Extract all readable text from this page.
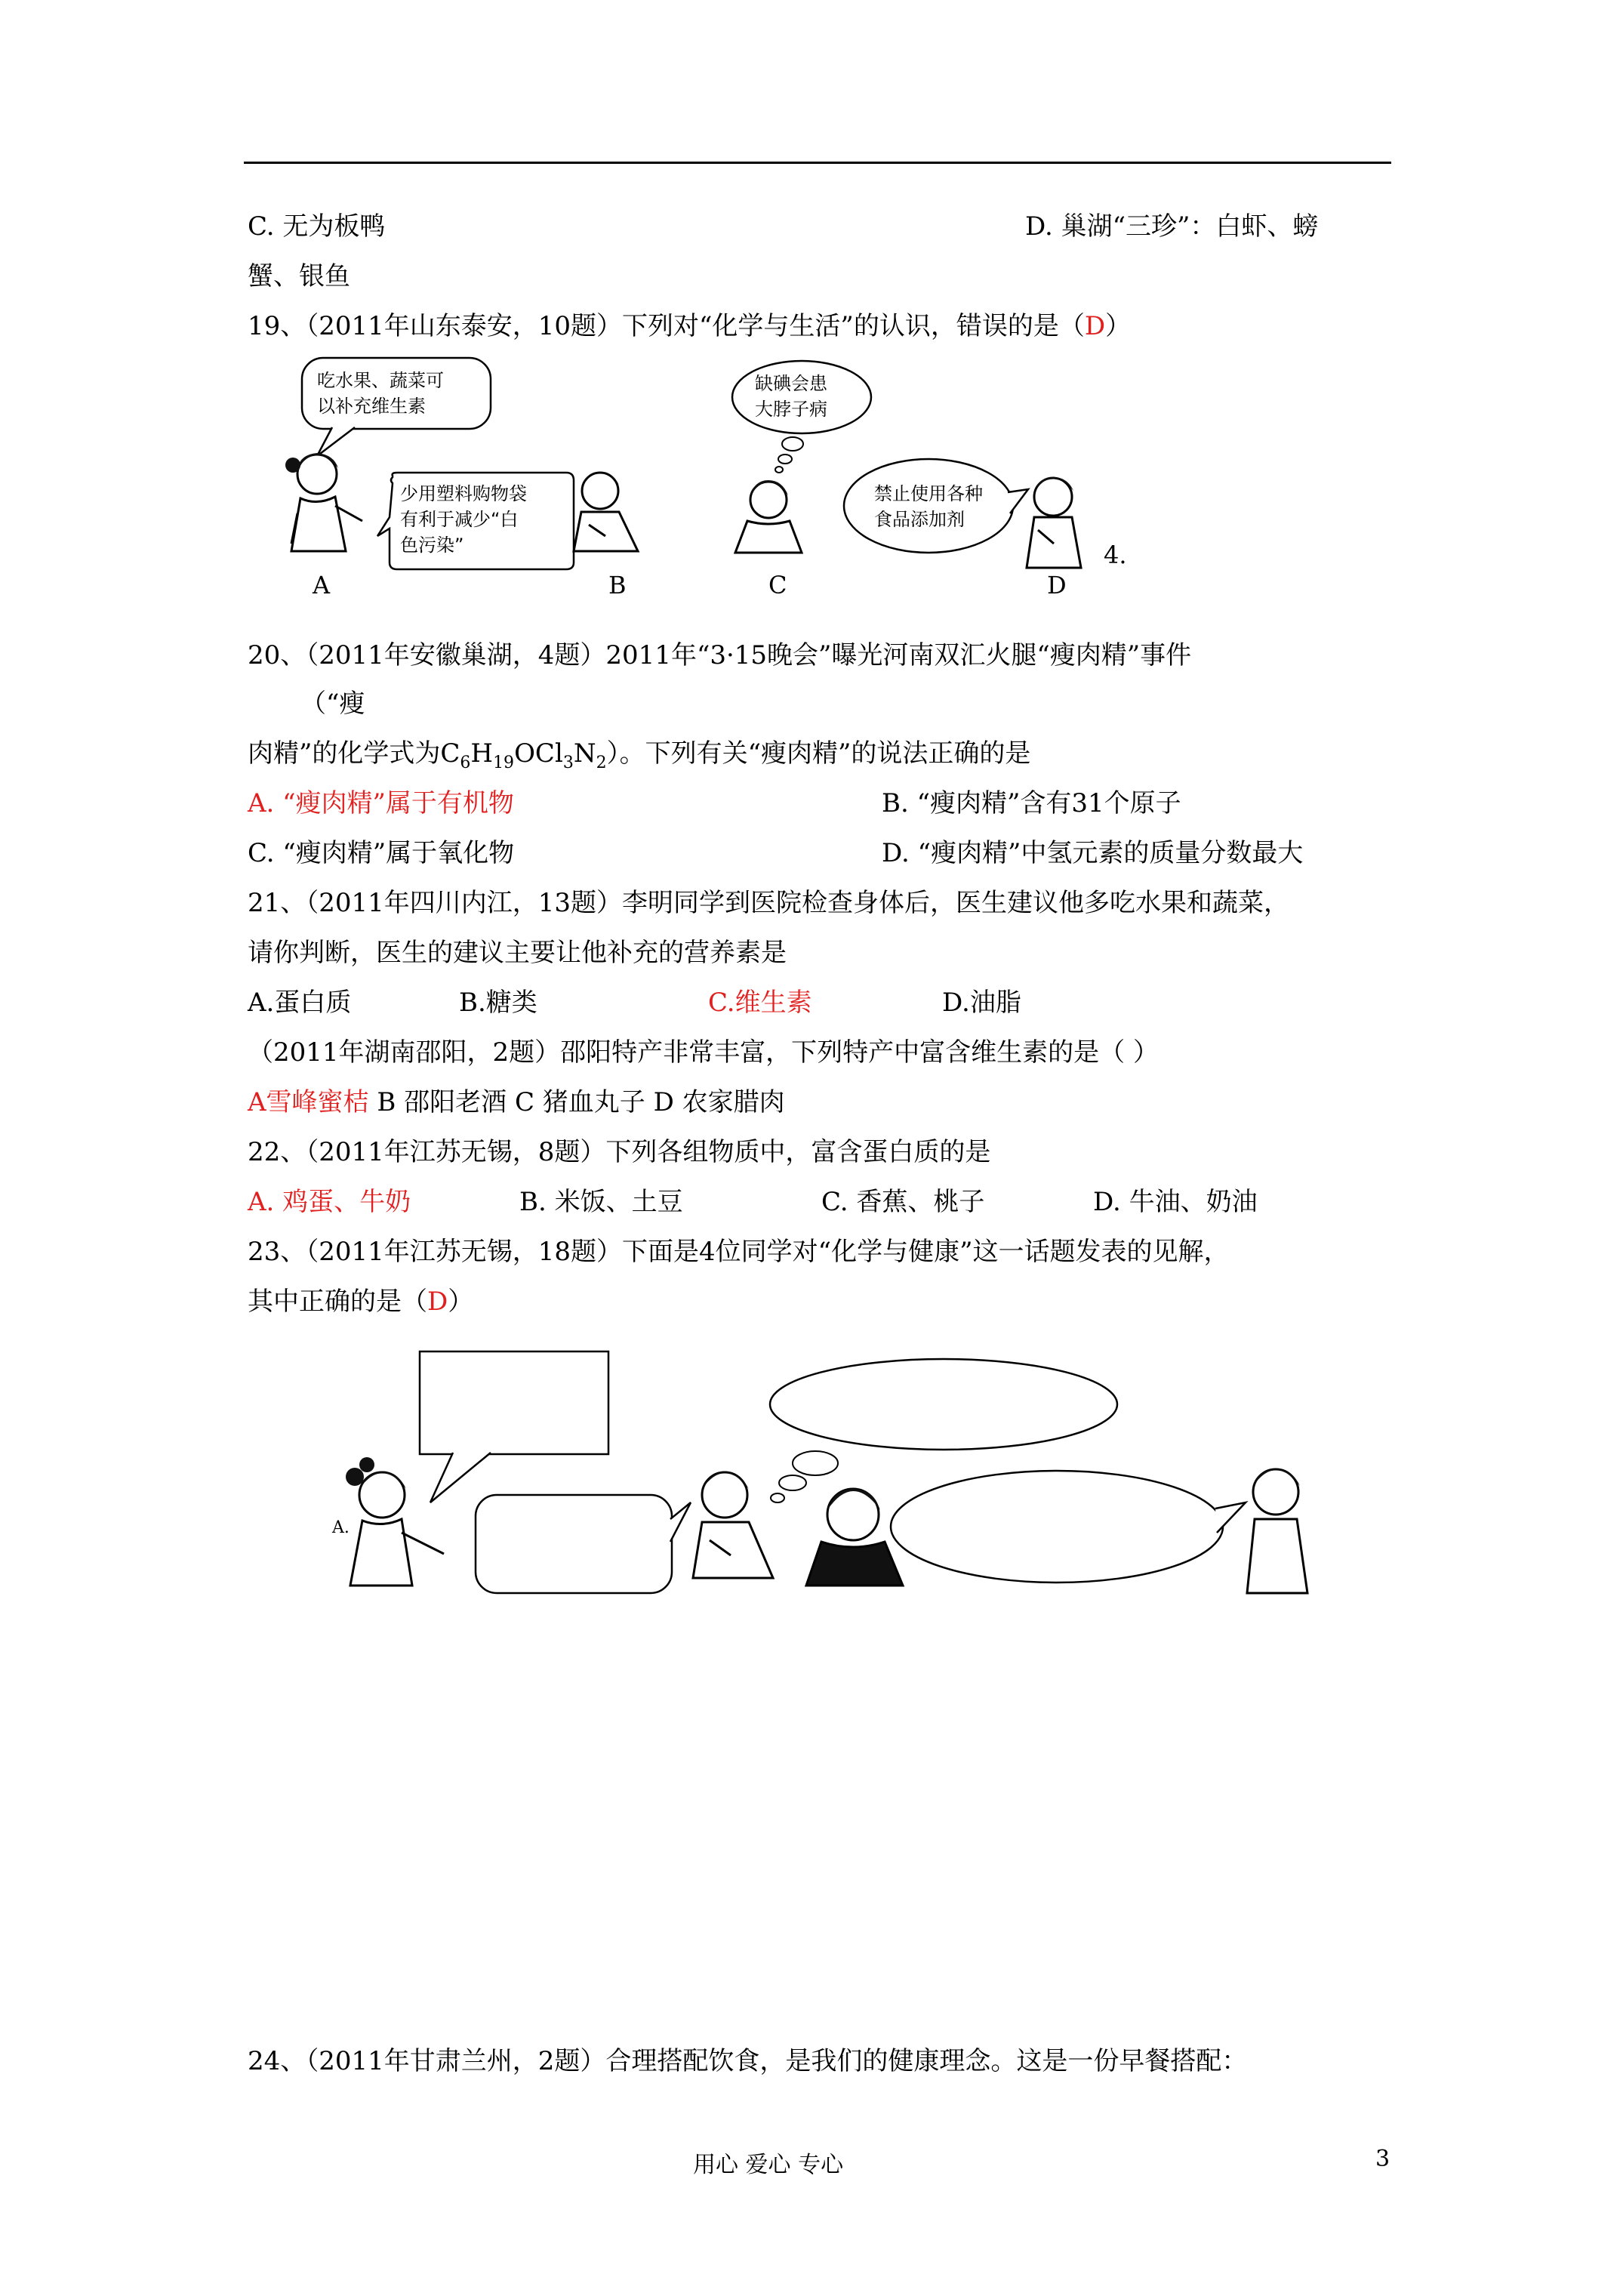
C. 无为板鸭	D. 巢湖“三珍”：白虾、螃
蟹、银鱼
19、（2011年山东泰安，10题）下列对“化学与生活”的认识，错误的是（D）
吃水果、蔬菜可
以补充维生素
少用塑料购物袋
有利于减少“白
色污染”
缺碘会患
大脖子病
禁止使用各种
食品添加剂
A	B	C	D
4.
20、（2011年安徽巢湖，4题）2011年“3·15晚会”曝光河南双汇火腿“瘦肉精”事件
（“瘦
肉精”的化学式为$C_6H_{19}OCl_3N_2$）。下列有关“瘦肉精”的说法正确的是
A. “瘦肉精”属于有机物	B. “瘦肉精”含有31个原子
C. “瘦肉精”属于氧化物	D. “瘦肉精”中氢元素的质量分数最大
21、（2011年四川内江，13题）李明同学到医院检查身体后，医生建议他多吃水果和蔬菜，
请你判断，医生的建议主要让他补充的营养素是
A.蛋白质	B.糖类	C.维生素	D.油脂
（2011年湖南邵阳，2题）邵阳特产非常丰富，下列特产中富含维生素的是（ ）
A雪峰蜜桔 B 邵阳老酒 C 猪血丸子 D 农家腊肉
22、（2011年江苏无锡，8题）下列各组物质中，富含蛋白质的是
A. 鸡蛋、牛奶	B. 米饭、土豆	C. 香蕉、桃子	D. 牛油、奶油
23、（2011年江苏无锡，18题）下面是4位同学对“化学与健康”这一话题发表的见解，
其中正确的是（D）
A.
24、（2011年甘肃兰州，2题）合理搭配饮食，是我们的健康理念。这是一份早餐搭配：
用心 爱心 专心	3
